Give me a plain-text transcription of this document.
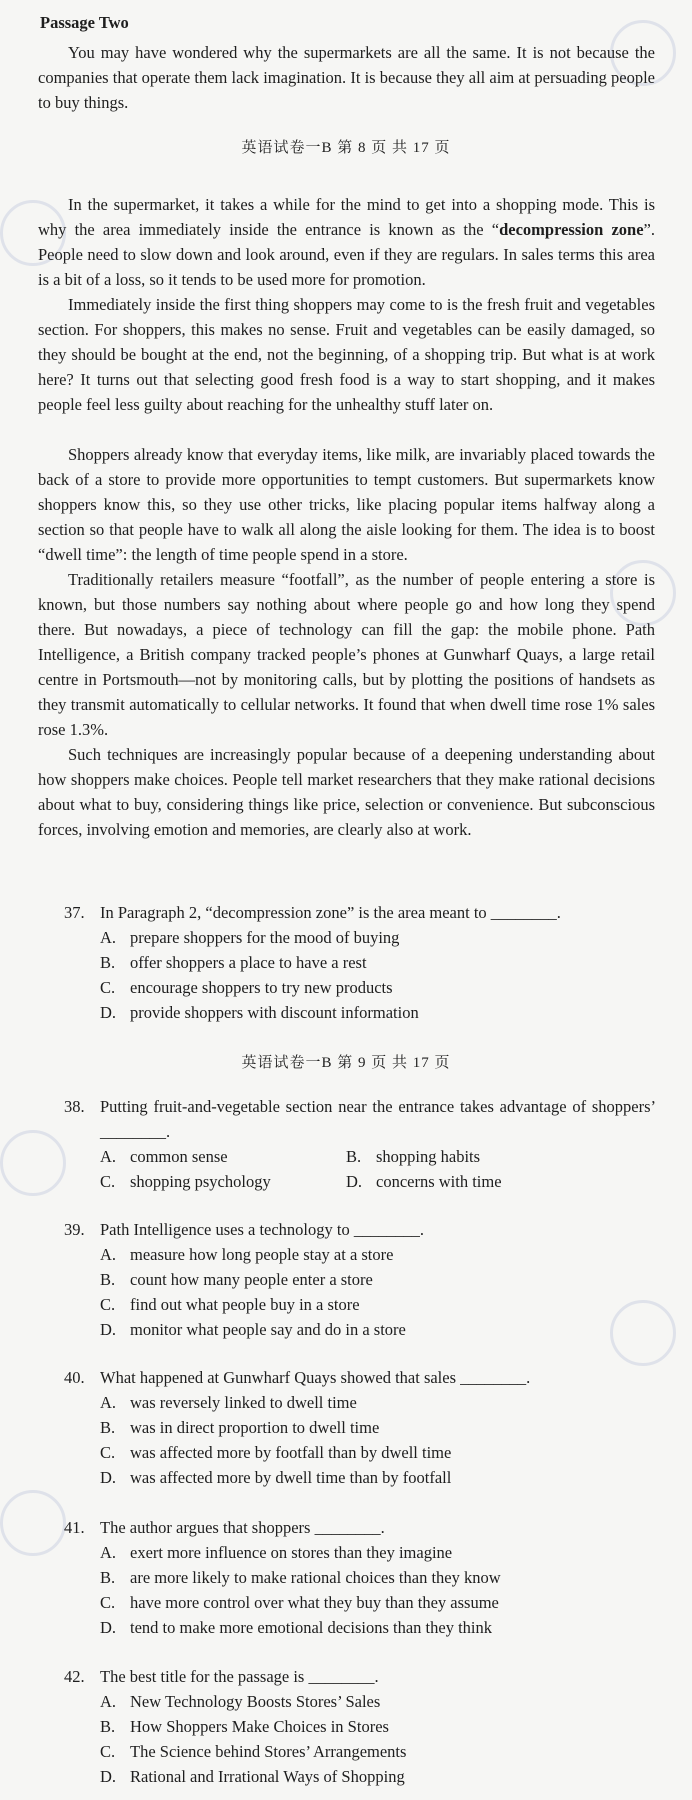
Passage Two
You may have wondered why the supermarkets are all the same. It is not because the companies that operate them lack imagination. It is because they all aim at persuading people to buy things.
英语试卷一B 第 8 页 共 17 页
In the supermarket, it takes a while for the mind to get into a shopping mode. This is why the area immediately inside the entrance is known as the “decompression zone”. People need to slow down and look around, even if they are regulars. In sales terms this area is a bit of a loss, so it tends to be used more for promotion.
Immediately inside the first thing shoppers may come to is the fresh fruit and vegetables section. For shoppers, this makes no sense. Fruit and vegetables can be easily damaged, so they should be bought at the end, not the beginning, of a shopping trip. But what is at work here? It turns out that selecting good fresh food is a way to start shopping, and it makes people feel less guilty about reaching for the unhealthy stuff later on.
Shoppers already know that everyday items, like milk, are invariably placed towards the back of a store to provide more opportunities to tempt customers. But supermarkets know shoppers know this, so they use other tricks, like placing popular items halfway along a section so that people have to walk all along the aisle looking for them. The idea is to boost “dwell time”: the length of time people spend in a store.
Traditionally retailers measure “footfall”, as the number of people entering a store is known, but those numbers say nothing about where people go and how long they spend there. But nowadays, a piece of technology can fill the gap: the mobile phone. Path Intelligence, a British company tracked people’s phones at Gunwharf Quays, a large retail centre in Portsmouth—not by monitoring calls, but by plotting the positions of handsets as they transmit automatically to cellular networks. It found that when dwell time rose 1% sales rose 1.3%.
Such techniques are increasingly popular because of a deepening understanding about how shoppers make choices. People tell market researchers that they make rational decisions about what to buy, considering things like price, selection or convenience. But subconscious forces, involving emotion and memories, are clearly also at work.
37. In Paragraph 2, “decompression zone” is the area meant to ________.
A. prepare shoppers for the mood of buying
B. offer shoppers a place to have a rest
C. encourage shoppers to try new products
D. provide shoppers with discount information
英语试卷一B 第 9 页 共 17 页
38. Putting fruit-and-vegetable section near the entrance takes advantage of shoppers’ ________.
A. common sense	B. shopping habits
C. shopping psychology	D. concerns with time
39. Path Intelligence uses a technology to ________.
A. measure how long people stay at a store
B. count how many people enter a store
C. find out what people buy in a store
D. monitor what people say and do in a store
40. What happened at Gunwharf Quays showed that sales ________.
A. was reversely linked to dwell time
B. was in direct proportion to dwell time
C. was affected more by footfall than by dwell time
D. was affected more by dwell time than by footfall
41. The author argues that shoppers ________.
A. exert more influence on stores than they imagine
B. are more likely to make rational choices than they know
C. have more control over what they buy than they assume
D. tend to make more emotional decisions than they think
42. The best title for the passage is ________.
A. New Technology Boosts Stores’ Sales
B. How Shoppers Make Choices in Stores
C. The Science behind Stores’ Arrangements
D. Rational and Irrational Ways of Shopping
